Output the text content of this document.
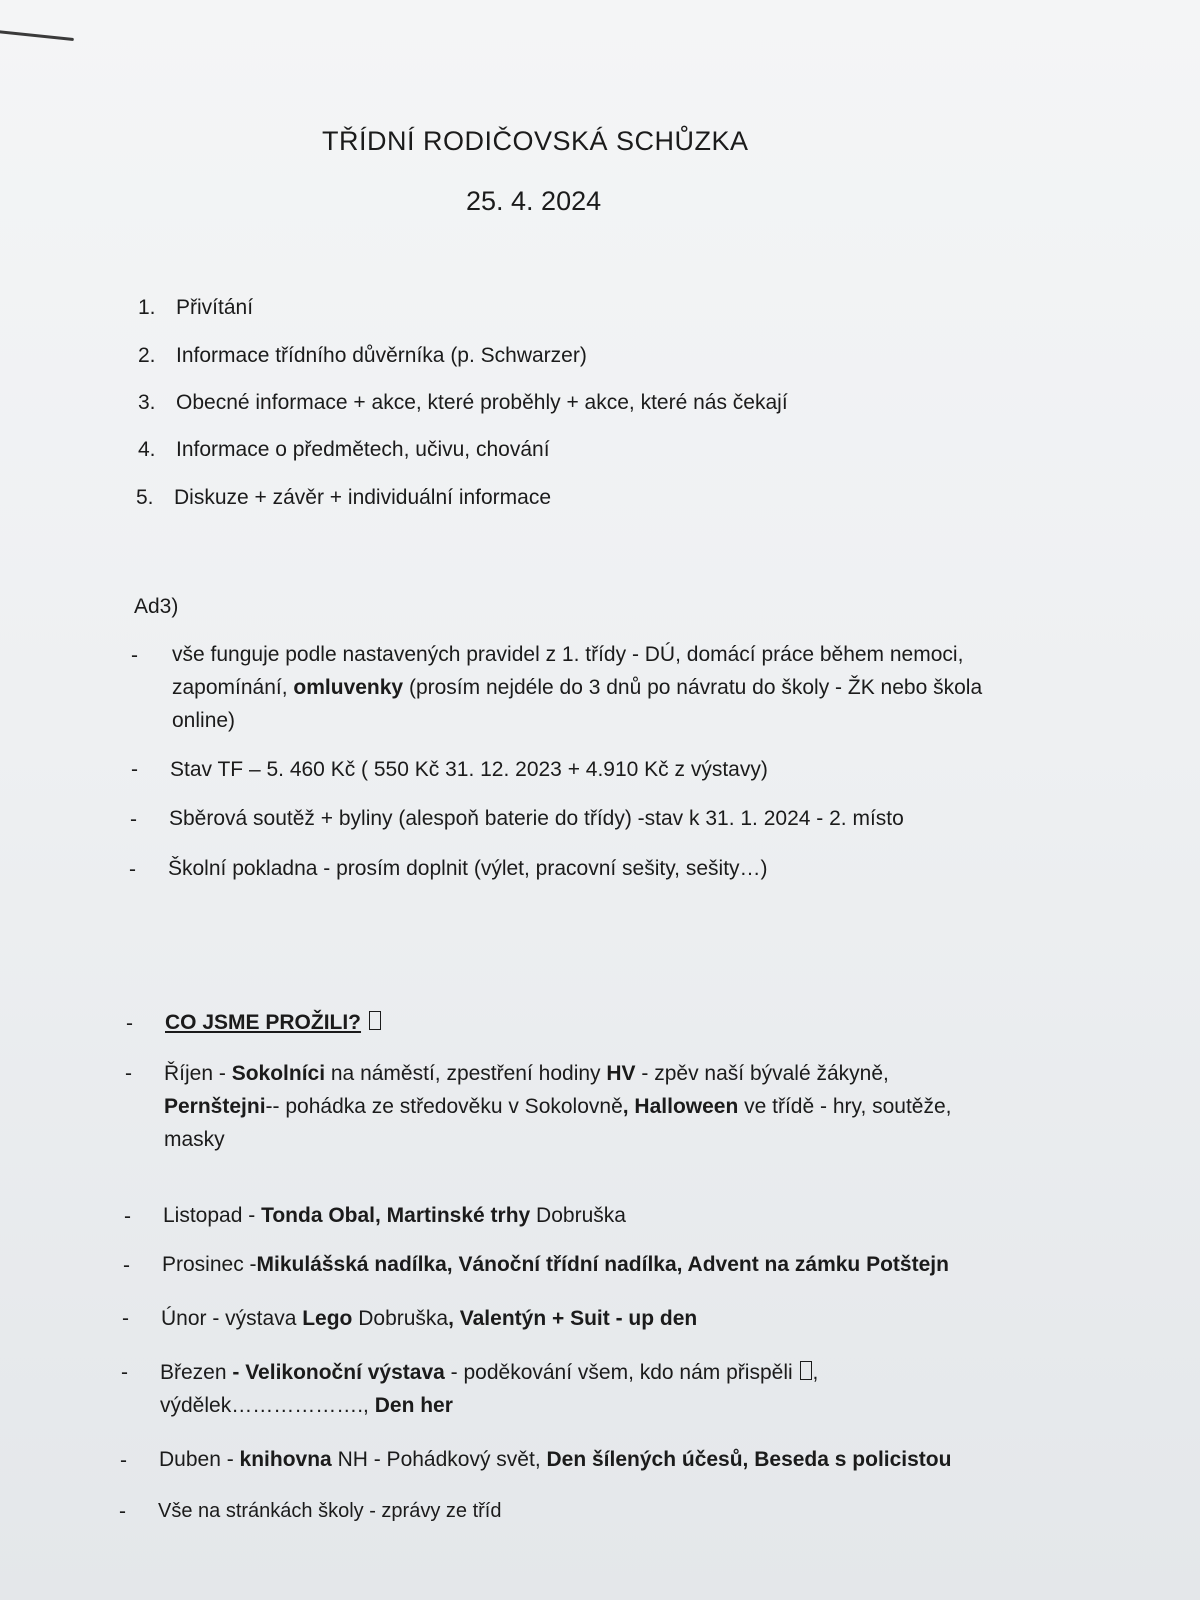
TŘÍDNÍ RODIČOVSKÁ SCHŮZKA
25. 4. 2024
1. Přivítání
2. Informace třídního důvěrníka (p. Schwarzer)
3. Obecné informace + akce, které proběhly + akce, které nás čekají
4. Informace o předmětech, učivu, chování
5. Diskuze + závěr + individuální informace
Ad3)
- vše funguje podle nastavených pravidel z 1. třídy - DÚ, domácí práce během nemoci,
zapomínání, omluvenky (prosím nejdéle do 3 dnů po návratu do školy - ŽK nebo škola
online)
- Stav TF – 5. 460 Kč ( 550 Kč 31. 12. 2023 + 4.910 Kč z výstavy)
- Sběrová soutěž + byliny (alespoň baterie do třídy) -stav k 31. 1. 2024 - 2. místo
- Školní pokladna - prosím doplnit (výlet, pracovní sešity, sešity…)
- CO JSME PROŽILI?
- Říjen - Sokolníci na náměstí, zpestření hodiny HV - zpěv naší bývalé žákyně,
Pernštejni-- pohádka ze středověku v Sokolovně, Halloween ve třídě - hry, soutěže,
masky
- Listopad - Tonda Obal, Martinské trhy Dobruška
- Prosinec -Mikulášská nadílka, Vánoční třídní nadílka, Advent na zámku Potštejn
- Únor - výstava Lego Dobruška, Valentýn + Suit - up den
- Březen - Velikonoční výstava - poděkování všem, kdo nám přispěli ,
výdělek………………., Den her
- Duben - knihovna NH - Pohádkový svět, Den šílených účesů, Beseda s policistou
- Vše na stránkách školy - zprávy ze tříd
